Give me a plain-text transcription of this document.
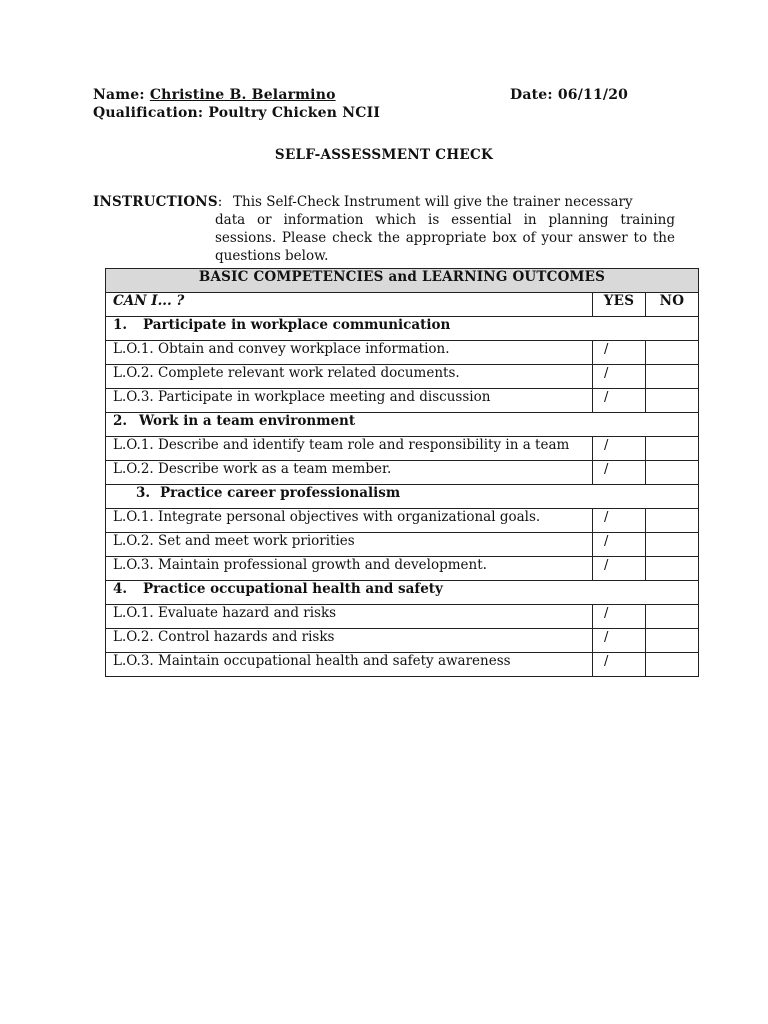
Name: Christine B. Belarmino	Date: 06/11/20
Qualification: Poultry Chicken NCII
SELF-ASSESSMENT CHECK
INSTRUCTIONS: This Self-Check Instrument will give the trainer necessary
data or information which is essential in planning training sessions. Please check the appropriate box of your answer to the questions below.
BASIC COMPETENCIES and LEARNING OUTCOMES		
CAN I... ?	YES	NO
1. Participate in workplace communication		
L.O.1. Obtain and convey workplace information.	/	
L.O.2. Complete relevant work related documents.	/	
L.O.3. Participate in workplace meeting and discussion	/	
2. Work in a team environment		
L.O.1. Describe and identify team role and responsibility in a team	/	
L.O.2. Describe work as a team member.	/	
3. Practice career professionalism		
L.O.1. Integrate personal objectives with organizational goals.	/	
L.O.2. Set and meet work priorities	/	
L.O.3. Maintain professional growth and development.	/	
4. Practice occupational health and safety		
L.O.1. Evaluate hazard and risks	/	
L.O.2. Control hazards and risks	/	
L.O.3. Maintain occupational health and safety awareness	/	
